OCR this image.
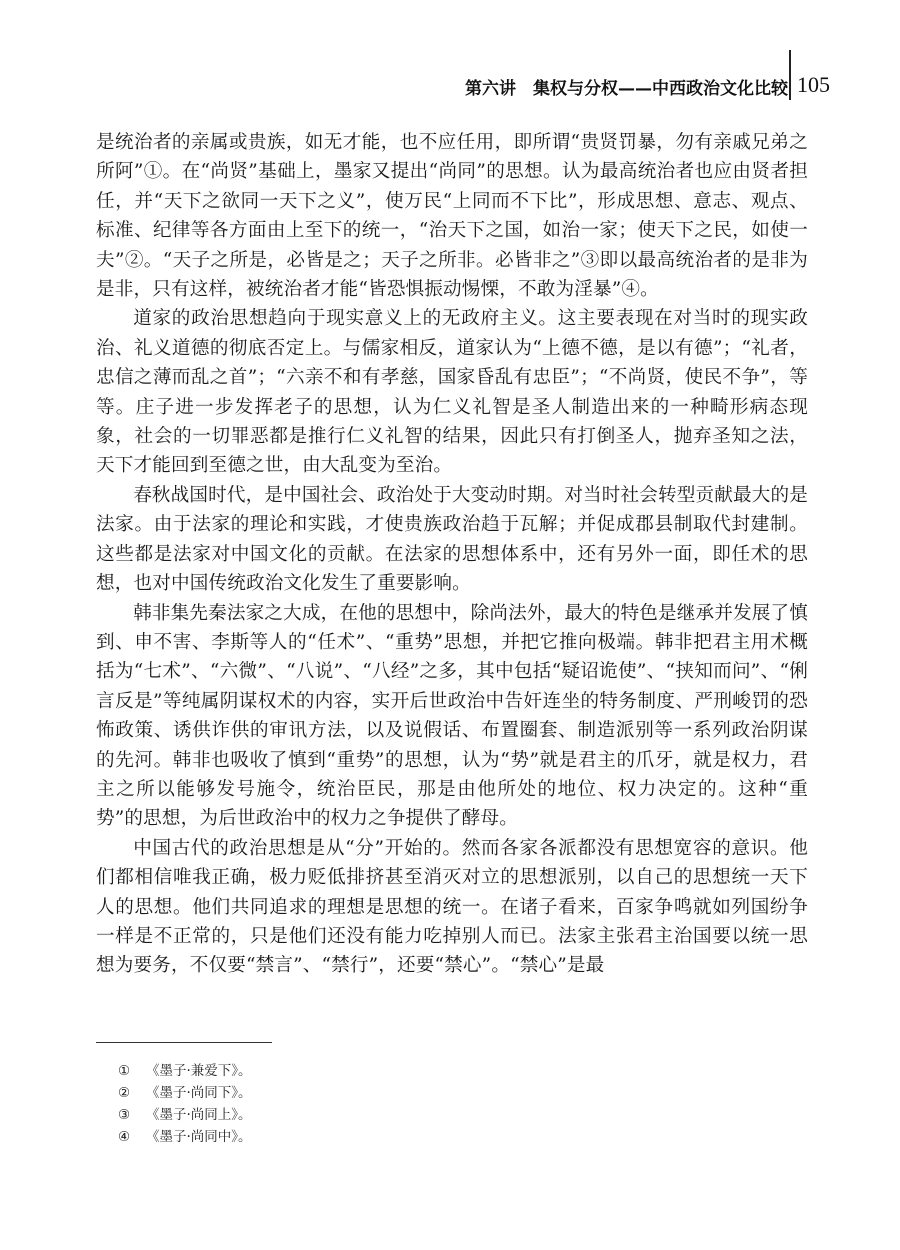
第六讲　集权与分权——中西政治文化比较 105

是统治者的亲属或贵族，如无才能，也不应任用，即所谓“贵贤罚暴，勿有亲戚兄弟之所阿”①。在“尚贤”基础上，墨家又提出“尚同”的思想。认为最高统治者也应由贤者担任，并“天下之欲同一天下之义”，使万民“上同而不下比”，形成思想、意志、观点、标准、纪律等各方面由上至下的统一，“治天下之国，如治一家；使天下之民，如使一夫”②。“天子之所是，必皆是之；天子之所非。必皆非之”③即以最高统治者的是非为是非，只有这样，被统治者才能“皆恐惧振动惕慄，不敢为淫暴”④。

道家的政治思想趋向于现实意义上的无政府主义。这主要表现在对当时的现实政治、礼义道德的彻底否定上。与儒家相反，道家认为“上德不德，是以有德”；“礼者，忠信之薄而乱之首”；“六亲不和有孝慈，国家昏乱有忠臣”；“不尚贤，使民不争”，等等。庄子进一步发挥老子的思想，认为仁义礼智是圣人制造出来的一种畸形病态现象，社会的一切罪恶都是推行仁义礼智的结果，因此只有打倒圣人，抛弃圣知之法，天下才能回到至德之世，由大乱变为至治。

春秋战国时代，是中国社会、政治处于大变动时期。对当时社会转型贡献最大的是法家。由于法家的理论和实践，才使贵族政治趋于瓦解；并促成郡县制取代封建制。这些都是法家对中国文化的贡献。在法家的思想体系中，还有另外一面，即任术的思想，也对中国传统政治文化发生了重要影响。

韩非集先秦法家之大成，在他的思想中，除尚法外，最大的特色是继承并发展了慎到、申不害、李斯等人的“任术”、“重势”思想，并把它推向极端。韩非把君主用术概括为“七术”、“六微”、“八说”、“八经”之多，其中包括“疑诏诡使”、“挟知而问”、“俐言反是”等纯属阴谋权术的内容，实开后世政治中告奸连坐的特务制度、严刑峻罚的恐怖政策、诱供诈供的审讯方法，以及说假话、布置圈套、制造派别等一系列政治阴谋的先河。韩非也吸收了慎到“重势”的思想，认为“势”就是君主的爪牙，就是权力，君主之所以能够发号施令，统治臣民，那是由他所处的地位、权力决定的。这种“重势”的思想，为后世政治中的权力之争提供了酵母。

中国古代的政治思想是从“分”开始的。然而各家各派都没有思想宽容的意识。他们都相信唯我正确，极力贬低排挤甚至消灭对立的思想派别，以自己的思想统一天下人的思想。他们共同追求的理想是思想的统一。在诸子看来，百家争鸣就如列国纷争一样是不正常的，只是他们还没有能力吃掉别人而已。法家主张君主治国要以统一思想为要务，不仅要“禁言”、“禁行”，还要“禁心”。“禁心”是最

① 《墨子·兼爱下》。
② 《墨子·尚同下》。
③ 《墨子·尚同上》。
④ 《墨子·尚同中》。
